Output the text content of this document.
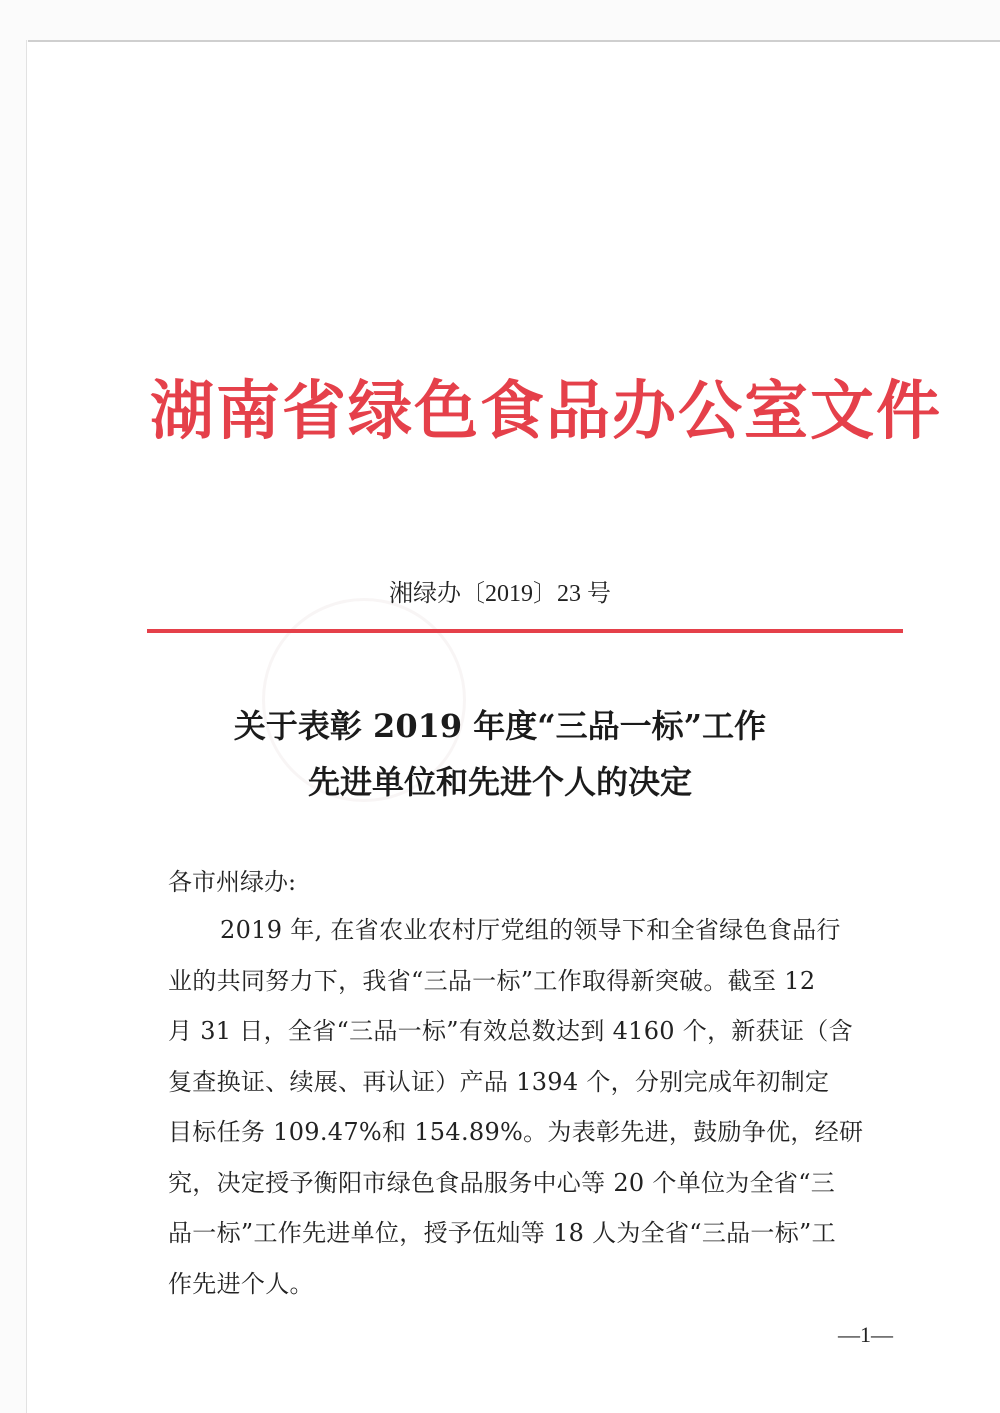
湖南省绿色食品办公室文件
湘绿办〔2019〕23 号
关于表彰 2019 年度“三品一标”工作
先进单位和先进个人的决定
各市州绿办:
2019 年, 在省农业农村厅党组的领导下和全省绿色食品行
业的共同努力下，我省“三品一标”工作取得新突破。截至 12
月 31 日，全省“三品一标”有效总数达到 4160 个，新获证（含
复查换证、续展、再认证）产品 1394 个，分别完成年初制定
目标任务 109.47%和 154.89%。为表彰先进，鼓励争优，经研
究，决定授予衡阳市绿色食品服务中心等 20 个单位为全省“三
品一标”工作先进单位，授予伍灿等 18 人为全省“三品一标”工
作先进个人。
—1—
